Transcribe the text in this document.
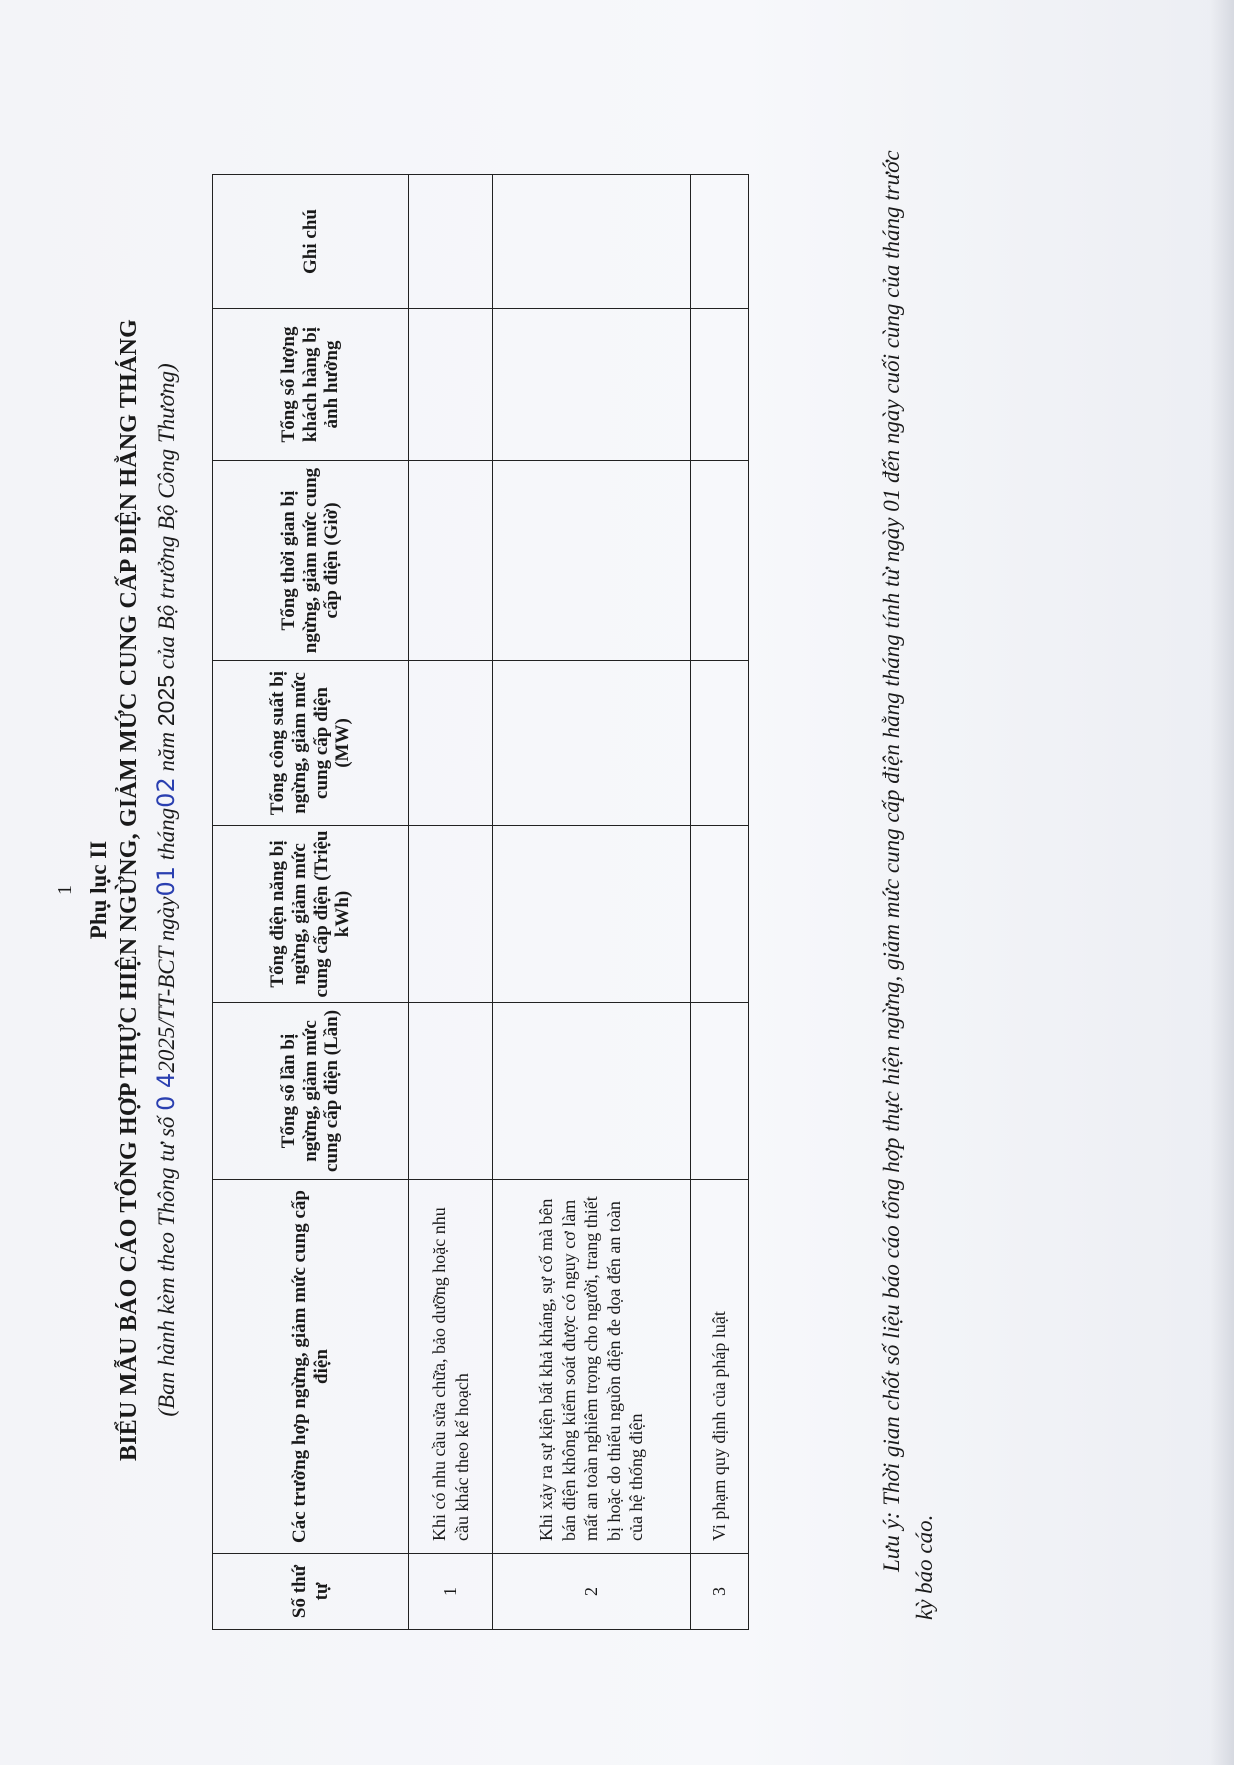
1 Phụ lục II BIỂU MẪU BÁO CÁO TỔNG HỢP THỰC HIỆN NGỪNG, GIẢM MỨC CUNG CẤP ĐIỆN HẰNG THÁNG (Ban hành kèm theo Thông tư số 0 42025/TT-BCT ngày01 tháng02 năm 2025 của Bộ trưởng Bộ Công Thương)
Số thứ tự	Các trường hợp ngừng, giảm mức cung cấp điện	Tổng số lần bị ngừng, giảm mức cung cấp điện (Lần)	Tổng điện năng bị ngừng, giảm mức cung cấp điện (Triệu kWh)	Tổng công suất bị ngừng, giảm mức cung cấp điện (MW)	Tổng thời gian bị ngừng, giảm mức cung cấp điện (Giờ)	Tổng số lượng khách hàng bị ảnh hưởng	Ghi chú
1	Khi có nhu cầu sửa chữa, bảo dưỡng hoặc nhu cầu khác theo kế hoạch						
2	Khi xảy ra sự kiện bất khả kháng, sự cố mà bên bán điện không kiểm soát được có nguy cơ làm mất an toàn nghiêm trọng cho người, trang thiết bị hoặc do thiếu nguồn điện đe dọa đến an toàn của hệ thống điện						
3	Vi phạm quy định của pháp luật						
Lưu ý: Thời gian chốt số liệu báo cáo tổng hợp thực hiện ngừng, giảm mức cung cấp điện hằng tháng tính từ ngày 01 đến ngày cuối cùng của tháng trước kỳ báo cáo.
